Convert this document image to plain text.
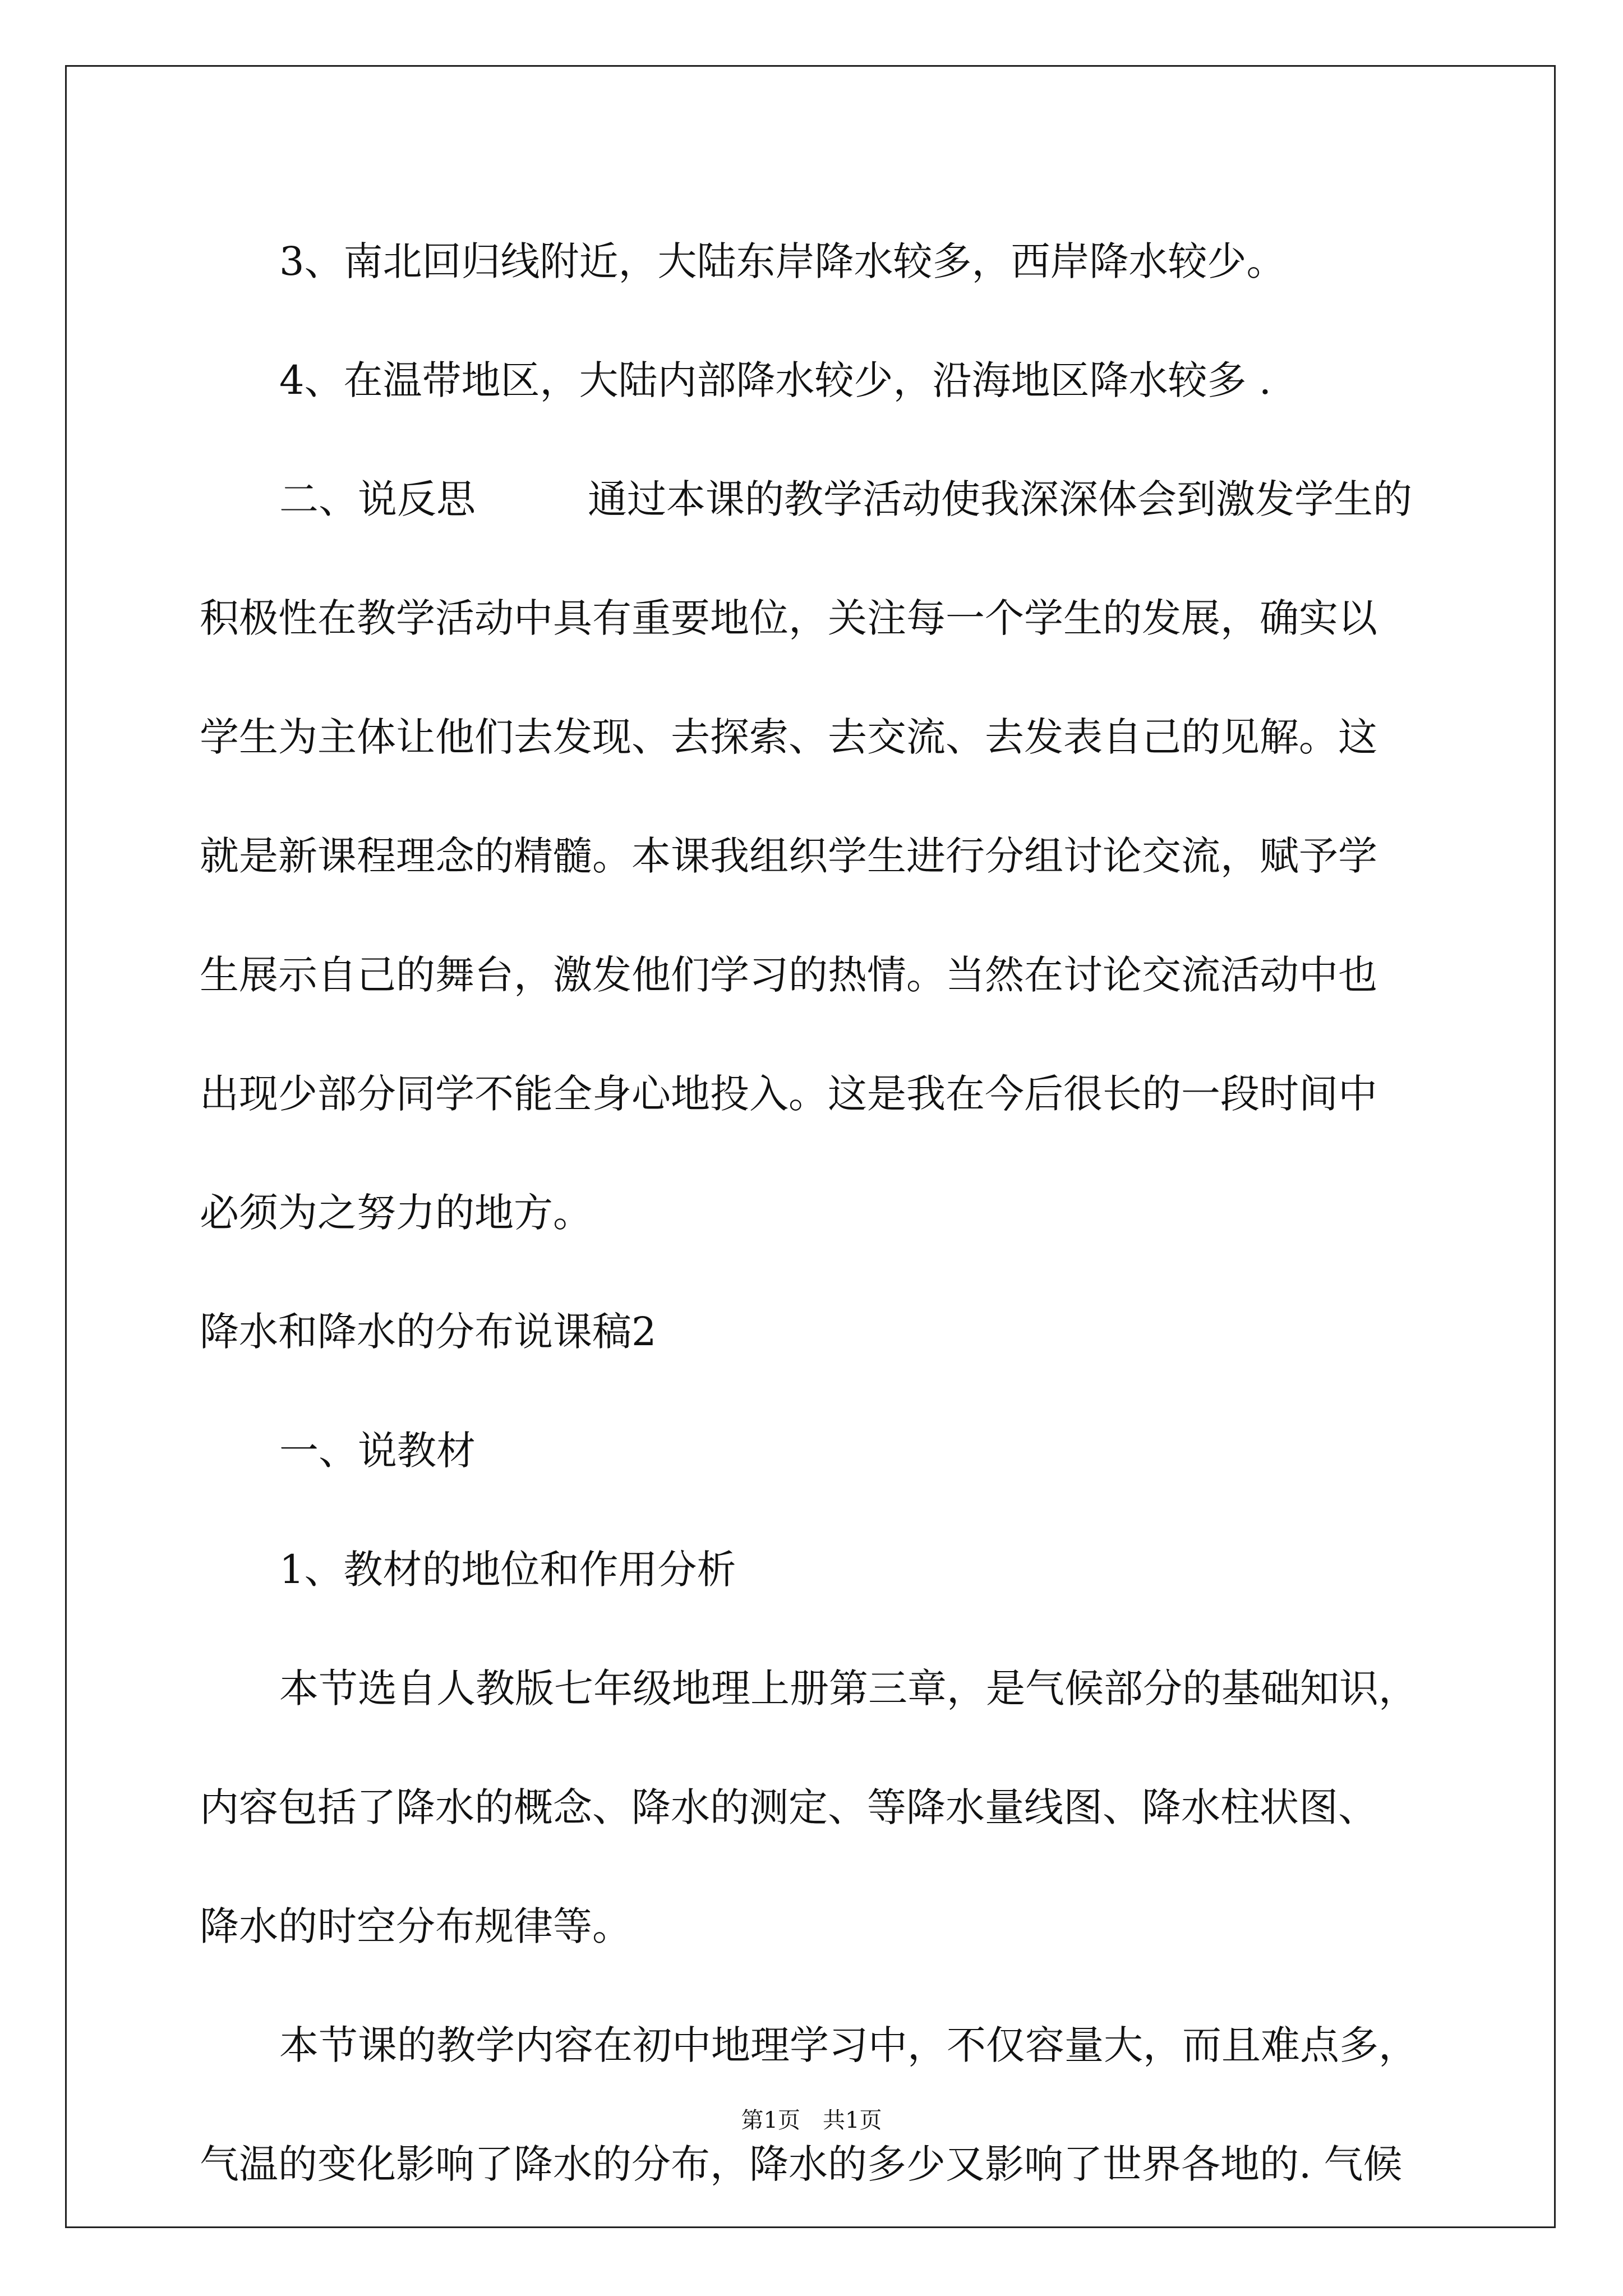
3、南北回归线附近，大陆东岸降水较多，西岸降水较少。

4、在温带地区，大陆内部降水较少，沿海地区降水较多 .

二、说反思	通过本课的教学活动使我深深体会到激发学生的

积极性在教学活动中具有重要地位，关注每一个学生的发展，确实以

学生为主体让他们去发现、去探索、去交流、去发表自己的见解。这

就是新课程理念的精髓。本课我组织学生进行分组讨论交流，赋予学

生展示自己的舞台，激发他们学习的热情。当然在讨论交流活动中也

出现少部分同学不能全身心地投入。这是我在今后很长的一段时间中

必须为之努力的地方。

降水和降水的分布说课稿2

一、说教材

1、教材的地位和作用分析

本节选自人教版七年级地理上册第三章，是气候部分的基础知识，

内容包括了降水的概念、降水的测定、等降水量线图、降水柱状图、

降水的时空分布规律等。

本节课的教学内容在初中地理学习中，不仅容量大，而且难点多，

气温的变化影响了降水的分布，降水的多少又影响了世界各地的. 气候

第1页 共1页
